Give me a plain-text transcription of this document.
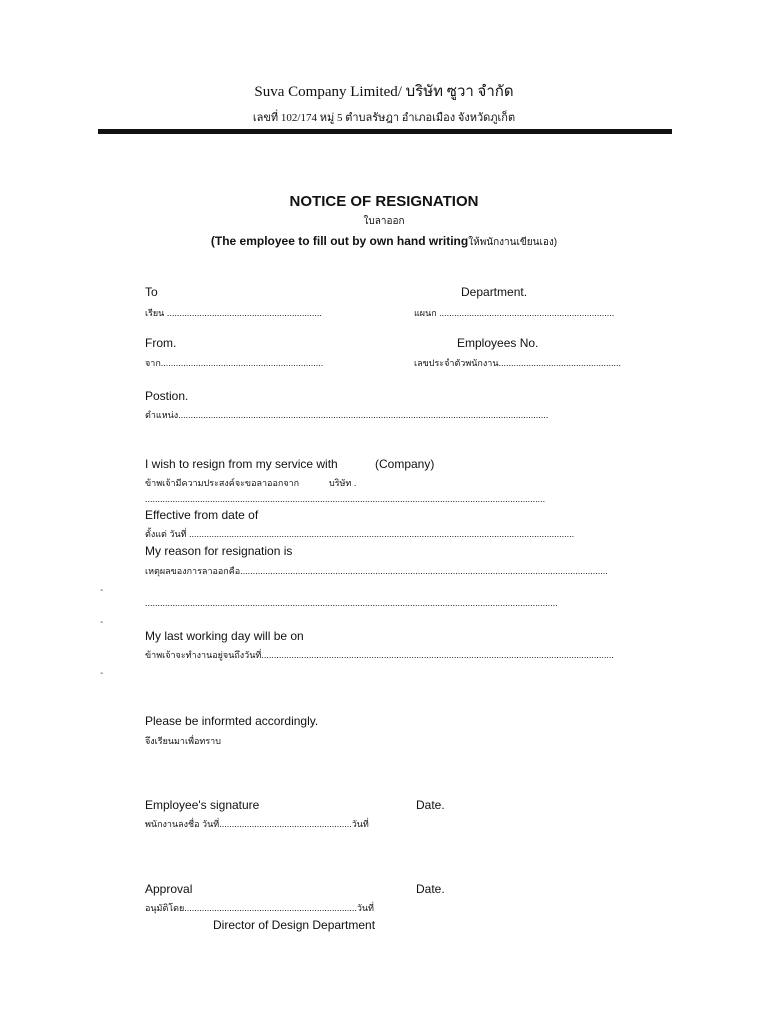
Suva Company Limited/ บริษัท ซูวา จำกัด
เลขที่ 102/174 หมู่ 5 ตำบลรัษฎา อำเภอเมือง จังหวัดภูเก็ต
NOTICE OF RESIGNATION
ใบลาออก
(The employee to fill out by own hand writingให้พนักงานเขียนเอง)
To	Department.
เรียน ..............................................................	แผนก ......................................................................
From.	Employees No.
จาก.................................................................	เลขประจำตัวพนักงาน.................................................
Postion.
ตำแหน่ง....................................................................................................................................................
I wish to resign from my service with	(Company)
ข้าพเจ้ามีความประสงค์จะขอลาออกจาก	บริษัท .
................................................................................................................................................................
Effective from date of
ตั้งแต่ วันที่ ..........................................................................................................................................................
My reason for resignation is
เหตุผลของการลาออกคือ...................................................................................................................................................
-
.....................................................................................................................................................................
-
My last working day will be on
ข้าพเจ้าจะทำงานอยู่จนถึงวันที่.............................................................................................................................................
-
Please be informted accordingly.
จึงเรียนมาเพื่อทราบ
Employee's signature	Date.
พนักงานลงชื่อ วันที่.....................................................วันที่
Approval	Date.
อนุมัติโดย.....................................................................วันที่
Director of Design Department
